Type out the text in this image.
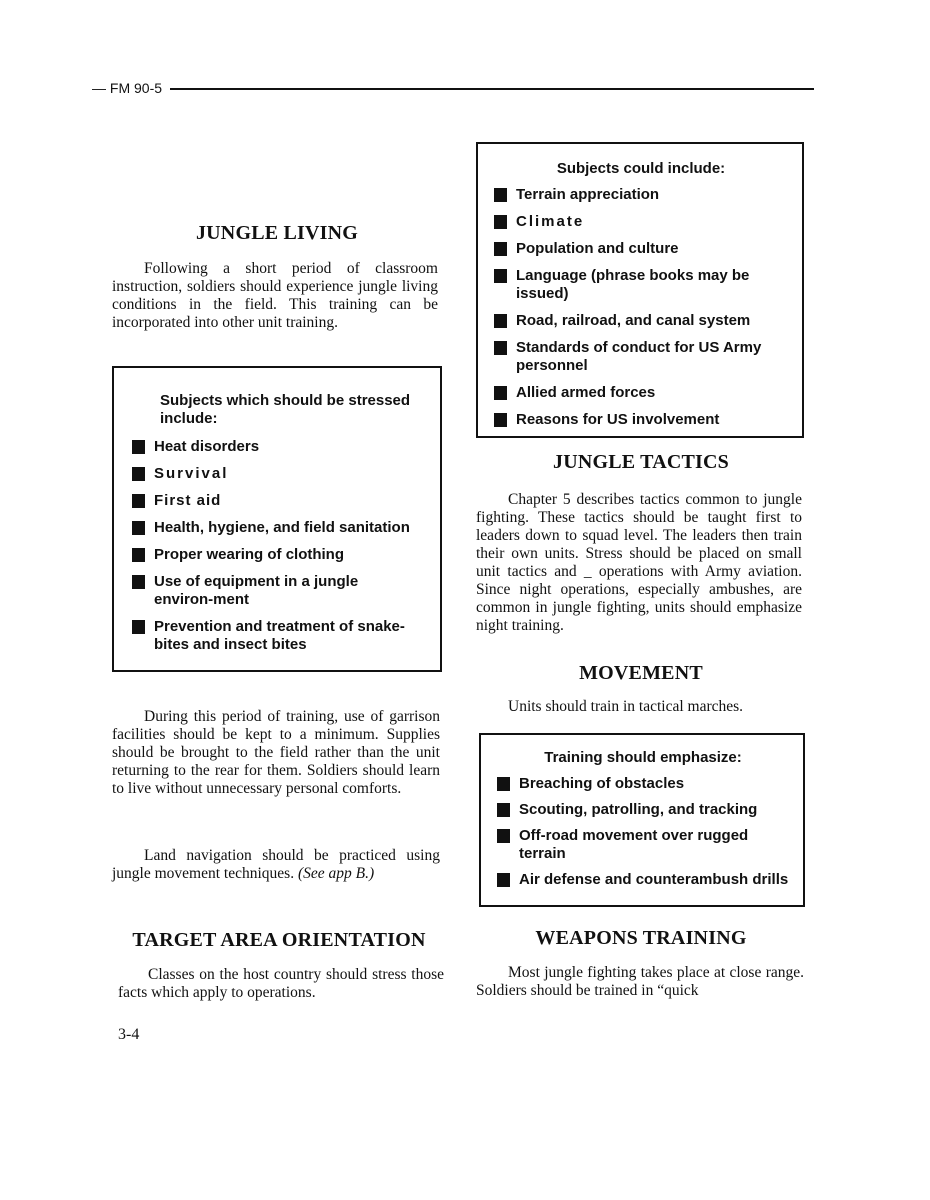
— FM 90-5
JUNGLE LIVING

Following a short period of classroom instruction, soldiers should experience jungle living conditions in the field. This training can be incorporated into other unit training.

Subjects which should be stressed include:
Heat disorders
Survival
First aid
Health, hygiene, and field sanitation
Proper wearing of clothing
Use of equipment in a jungle environ-ment
Prevention and treatment of snake-bites and insect bites

During this period of training, use of garrison facilities should be kept to a minimum. Supplies should be brought to the field rather than the unit returning to the rear for them. Soldiers should learn to live without unnecessary personal comforts.

Land navigation should be practiced using jungle movement techniques. (See app B.)

TARGET AREA ORIENTATION

Classes on the host country should stress those facts which apply to operations.

3-4
Subjects could include:
Terrain appreciation
Climate
Population and culture
Language (phrase books may be issued)
Road, railroad, and canal system
Standards of conduct for US Army personnel
Allied armed forces
Reasons for US involvement
JUNGLE TACTICS

Chapter 5 describes tactics common to jungle fighting. These tactics should be taught first to leaders down to squad level. The leaders then train their own units. Stress should be placed on small unit tactics and _ operations with Army aviation. Since night operations, especially ambushes, are common in jungle fighting, units should emphasize night training.

MOVEMENT

Units should train in tactical marches.

Training should emphasize:
Breaching of obstacles
Scouting, patrolling, and tracking
Off-road movement over rugged terrain
Air defense and counterambush drills
WEAPONS TRAINING

Most jungle fighting takes place at close range. Soldiers should be trained in “quick
